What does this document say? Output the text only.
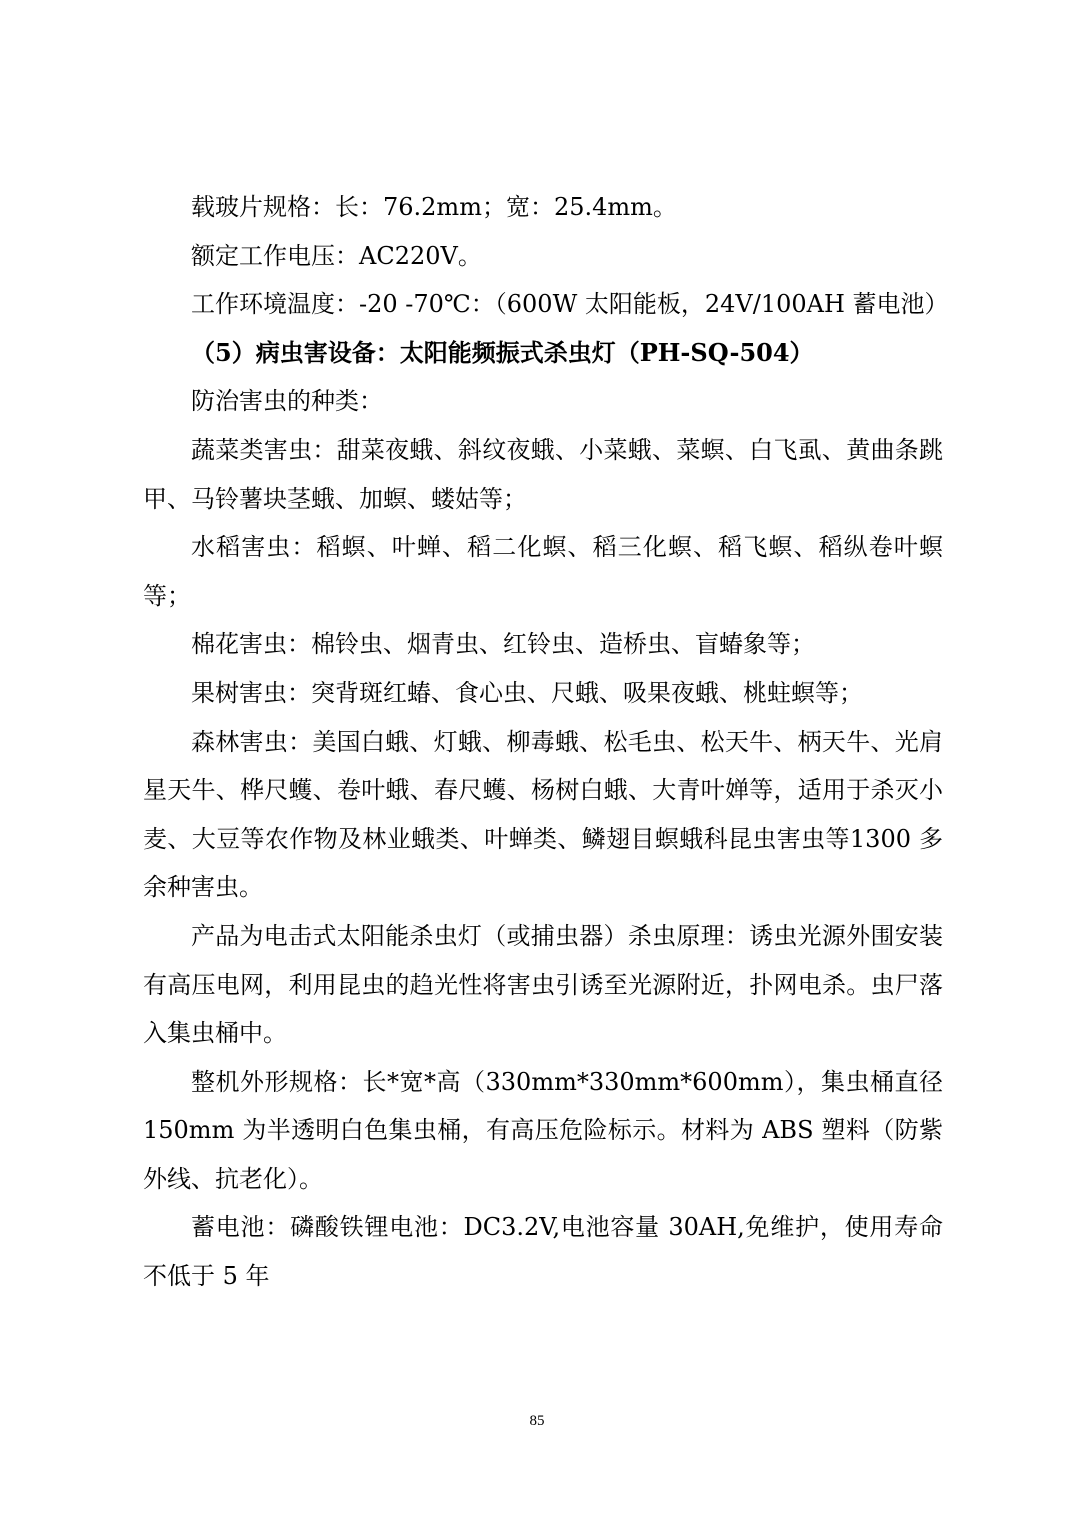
载玻片规格：长：76.2mm；宽：25.4mm。

额定工作电压：AC220V。

工作环境温度：-20 -70℃：（600W 太阳能板，24V/100AH 蓄电池）

（5）病虫害设备：太阳能频振式杀虫灯（PH-SQ-504）

防治害虫的种类：

蔬菜类害虫：甜菜夜蛾、斜纹夜蛾、小菜蛾、菜螟、白飞虱、黄曲条跳甲、马铃薯块茎蛾、加螟、蝼姑等；

水稻害虫：稻螟、叶蝉、稻二化螟、稻三化螟、稻飞螟、稻纵卷叶螟等；

棉花害虫：棉铃虫、烟青虫、红铃虫、造桥虫、盲蝽象等；

果树害虫：突背斑红蝽、食心虫、尺蛾、吸果夜蛾、桃蛀螟等；

森林害虫：美国白蛾、灯蛾、柳毒蛾、松毛虫、松天牛、柄天牛、光肩星天牛、桦尺蠖、卷叶蛾、春尺蠖、杨树白蛾、大青叶婵等，适用于杀灭小麦、大豆等农作物及林业蛾类、叶蝉类、鳞翅目螟蛾科昆虫害虫等1300 多余种害虫。

产品为电击式太阳能杀虫灯（或捕虫器）杀虫原理：诱虫光源外围安装有高压电网，利用昆虫的趋光性将害虫引诱至光源附近，扑网电杀。虫尸落入集虫桶中。

整机外形规格：长*宽*高（330mm*330mm*600mm），集虫桶直径150mm 为半透明白色集虫桶，有高压危险标示。材料为 ABS 塑料（防紫外线、抗老化）。

蓄电池：磷酸铁锂电池：DC3.2V,电池容量 30AH,免维护，使用寿命不低于 5 年

85
